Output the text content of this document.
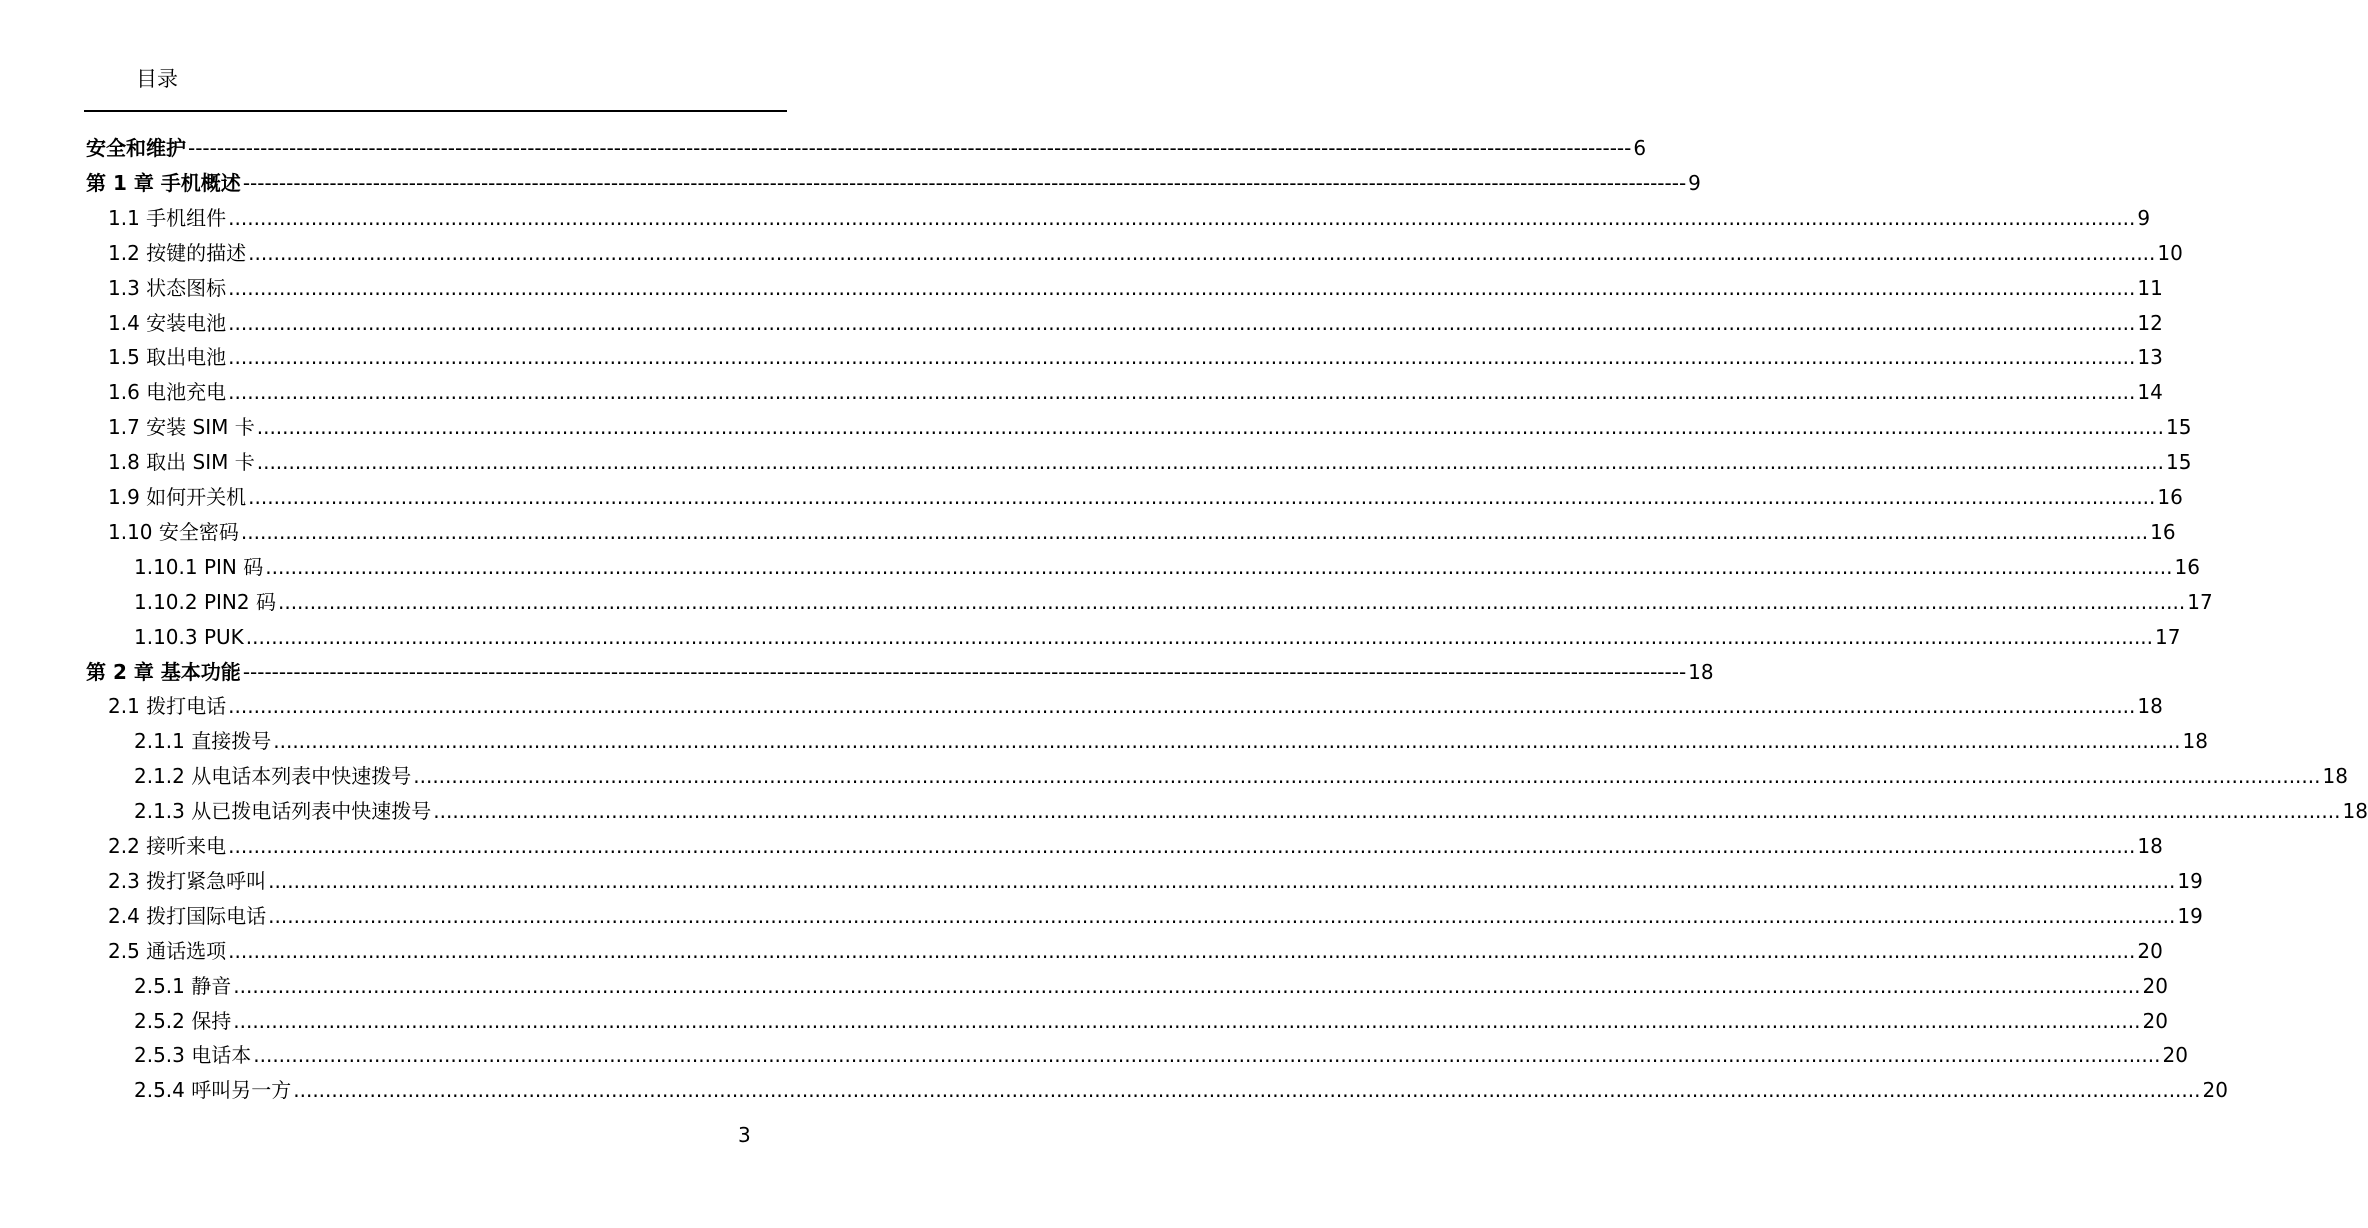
目录
安全和维护 -------------------------------------------------------------------------------------------------------------------------------------------------------------------------------------------------------- 6
第 1 章 手机概述 -------------------------------------------------------------------------------------------------------------------------------------------------------------------------------------------------------- 9
1.1 手机组件 ............................................................................................................................................................................................................................................................................................................ 9
1.2 按键的描述 ............................................................................................................................................................................................................................................................................................................ 10
1.3 状态图标 ............................................................................................................................................................................................................................................................................................................ 11
1.4 安装电池 ............................................................................................................................................................................................................................................................................................................ 12
1.5 取出电池 ............................................................................................................................................................................................................................................................................................................ 13
1.6 电池充电 ............................................................................................................................................................................................................................................................................................................ 14
1.7 安装 SIM 卡 ............................................................................................................................................................................................................................................................................................................ 15
1.8 取出 SIM 卡 ............................................................................................................................................................................................................................................................................................................ 15
1.9 如何开关机 ............................................................................................................................................................................................................................................................................................................ 16
1.10 安全密码 ............................................................................................................................................................................................................................................................................................................ 16
1.10.1 PIN 码 ............................................................................................................................................................................................................................................................................................................ 16
1.10.2 PIN2 码 ............................................................................................................................................................................................................................................................................................................ 17
1.10.3 PUK ............................................................................................................................................................................................................................................................................................................ 17
第 2 章 基本功能 -------------------------------------------------------------------------------------------------------------------------------------------------------------------------------------------------------- 18
2.1 拨打电话 ............................................................................................................................................................................................................................................................................................................ 18
2.1.1 直接拨号 ............................................................................................................................................................................................................................................................................................................ 18
2.1.2 从电话本列表中快速拨号 ............................................................................................................................................................................................................................................................................................................ 18
2.1.3 从已拨电话列表中快速拨号 ............................................................................................................................................................................................................................................................................................................ 18
2.2 接听来电 ............................................................................................................................................................................................................................................................................................................ 18
2.3 拨打紧急呼叫 ............................................................................................................................................................................................................................................................................................................ 19
2.4 拨打国际电话 ............................................................................................................................................................................................................................................................................................................ 19
2.5 通话选项 ............................................................................................................................................................................................................................................................................................................ 20
2.5.1 静音 ............................................................................................................................................................................................................................................................................................................ 20
2.5.2 保持 ............................................................................................................................................................................................................................................................................................................ 20
2.5.3 电话本 ............................................................................................................................................................................................................................................................................................................ 20
2.5.4 呼叫另一方 ............................................................................................................................................................................................................................................................................................................ 20
3
